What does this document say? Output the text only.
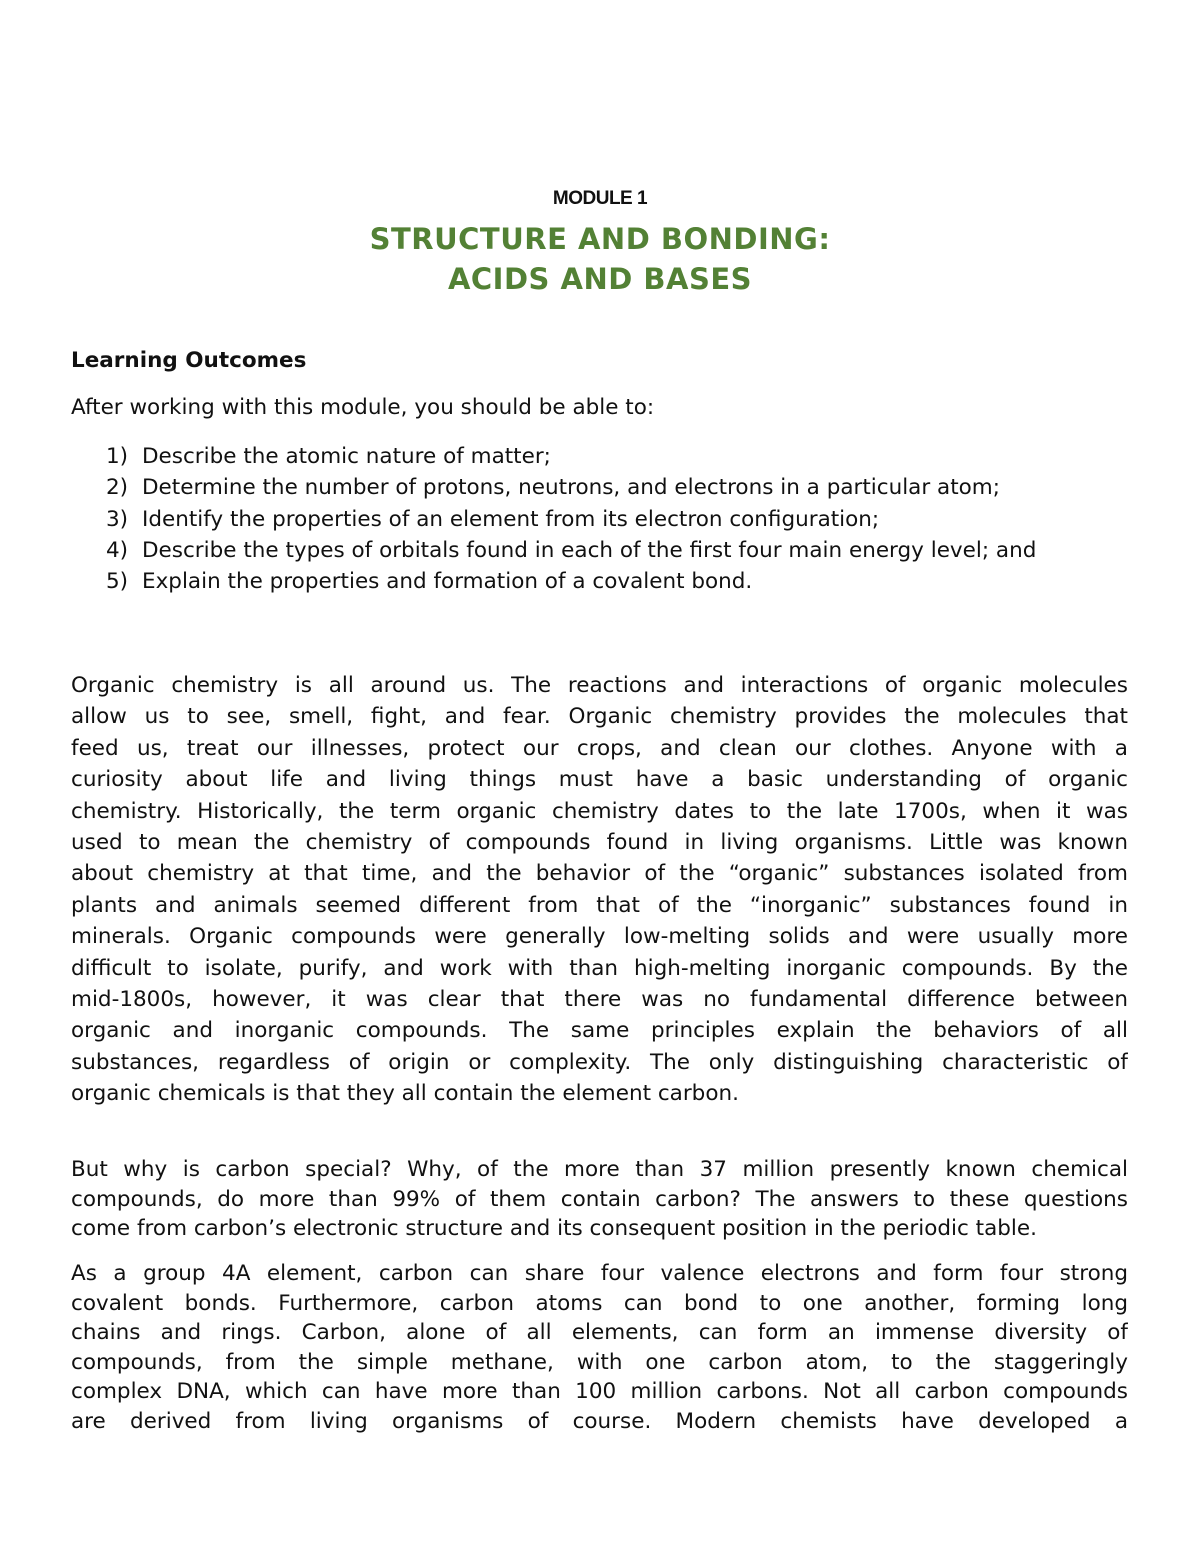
MODULE 1
STRUCTURE AND BONDING:
ACIDS AND BASES
Learning Outcomes
After working with this module, you should be able to:
1) Describe the atomic nature of matter;
2) Determine the number of protons, neutrons, and electrons in a particular atom;
3) Identify the properties of an element from its electron configuration;
4) Describe the types of orbitals found in each of the first four main energy level; and
5) Explain the properties and formation of a covalent bond.
Organic chemistry is all around us. The reactions and interactions of organic molecules
allow us to see, smell, fight, and fear. Organic chemistry provides the molecules that
feed us, treat our illnesses, protect our crops, and clean our clothes. Anyone with a
curiosity about life and living things must have a basic understanding of organic
chemistry. Historically, the term organic chemistry dates to the late 1700s, when it was
used to mean the chemistry of compounds found in living organisms. Little was known
about chemistry at that time, and the behavior of the “organic” substances isolated from
plants and animals seemed different from that of the “inorganic” substances found in
minerals. Organic compounds were generally low-melting solids and were usually more
difficult to isolate, purify, and work with than high-melting inorganic compounds. By the
mid-1800s, however, it was clear that there was no fundamental difference between
organic and inorganic compounds. The same principles explain the behaviors of all
substances, regardless of origin or complexity. The only distinguishing characteristic of
organic chemicals is that they all contain the element carbon.
But why is carbon special? Why, of the more than 37 million presently known chemical
compounds, do more than 99% of them contain carbon? The answers to these questions
come from carbon’s electronic structure and its consequent position in the periodic table.
As a group 4A element, carbon can share four valence electrons and form four strong
covalent bonds. Furthermore, carbon atoms can bond to one another, forming long
chains and rings. Carbon, alone of all elements, can form an immense diversity of
compounds, from the simple methane, with one carbon atom, to the staggeringly
complex DNA, which can have more than 100 million carbons. Not all carbon compounds
are derived from living organisms of course. Modern chemists have developed a
